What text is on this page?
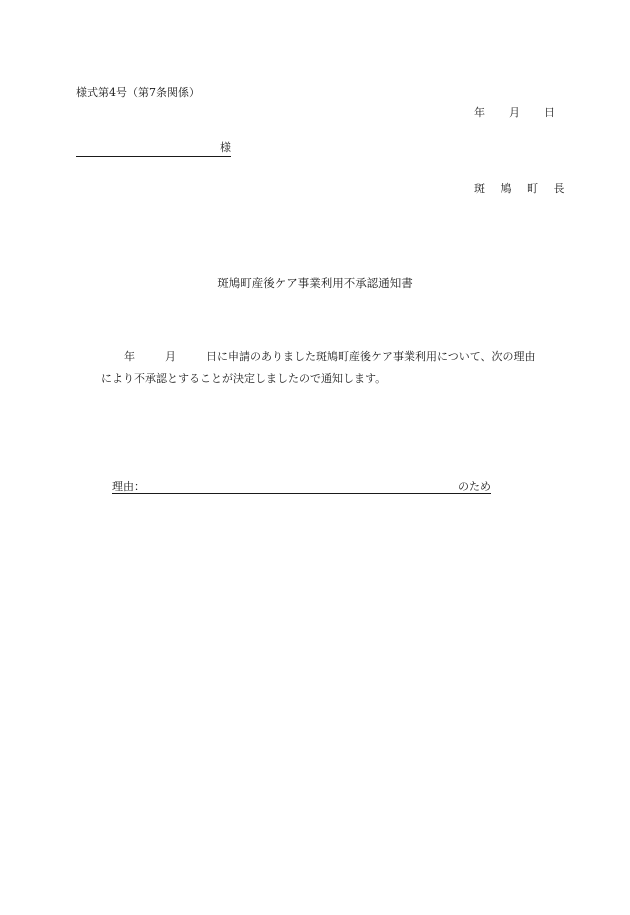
様式第4号（第7条関係）
年 月 日
様
斑 鳩 町 長
斑鳩町産後ケア事業利用不承認通知書
年	月	日に申請のありました斑鳩町産後ケア事業利用について、次の理由
により不承認とすることが決定しましたので通知します。
理由：	のため
